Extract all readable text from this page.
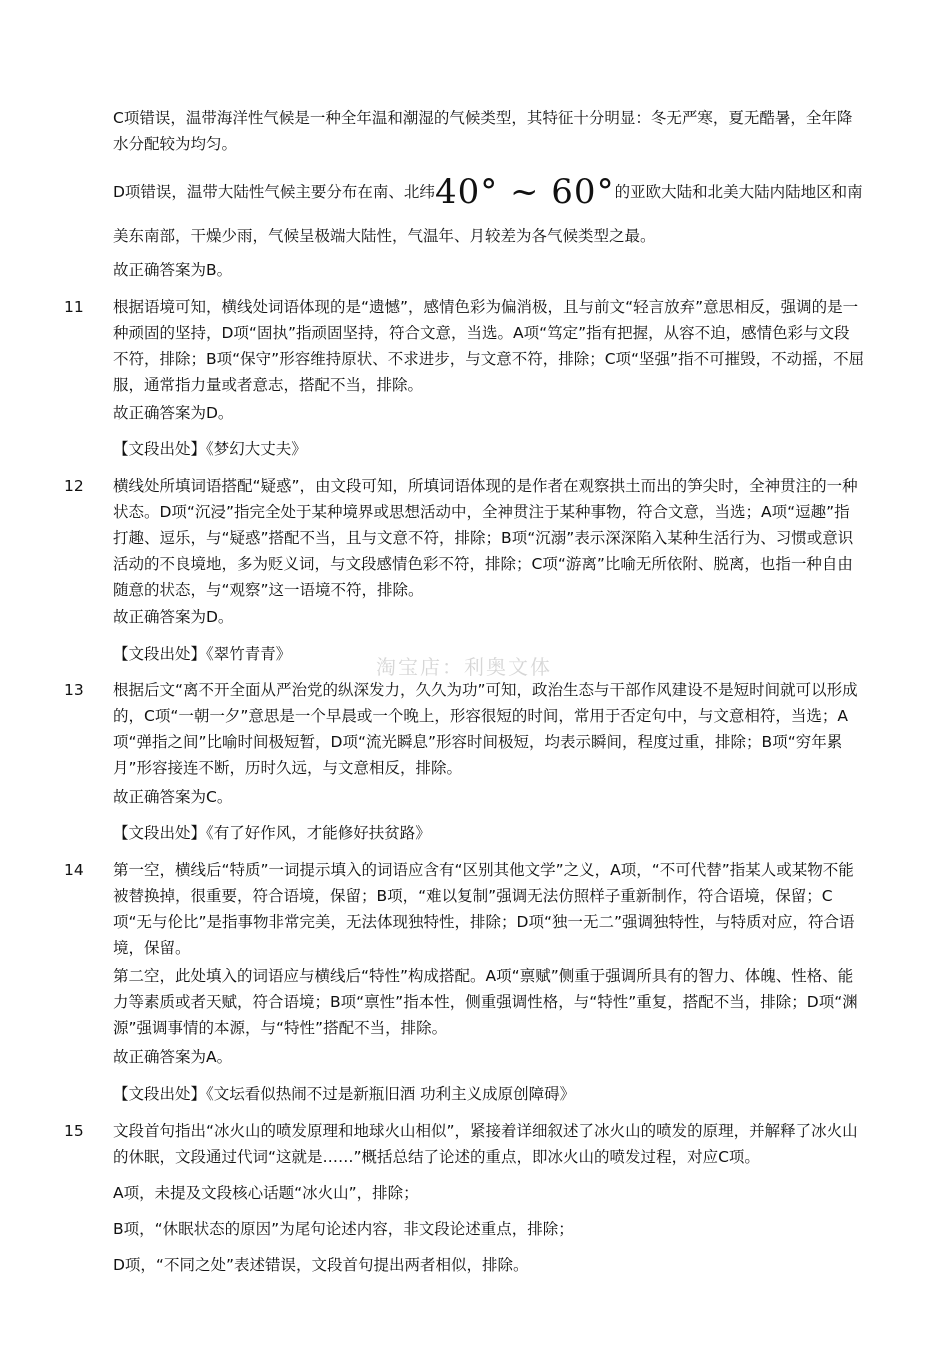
C项错误，温带海洋性气候是一种全年温和潮湿的气候类型，其特征十分明显：冬无严寒，夏无酷暑，全年降水分配较为均匀。

D项错误，温带大陆性气候主要分布在南、北纬40° ~ 60°的亚欧大陆和北美大陆内陆地区和南美东南部，干燥少雨，气候呈极端大陆性，气温年、月较差为各气候类型之最。

故正确答案为B。

11 根据语境可知，横线处词语体现的是“遗憾”，感情色彩为偏消极，且与前文“轻言放弃”意思相反，强调的是一种顽固的坚持，D项“固执”指顽固坚持，符合文意，当选。A项“笃定”指有把握，从容不迫，感情色彩与文段不符，排除；B项“保守”形容维持原状、不求进步，与文意不符，排除；C项“坚强”指不可摧毁，不动摇，不屈服，通常指力量或者意志，搭配不当，排除。

故正确答案为D。

【文段出处】《梦幻大丈夫》

12 横线处所填词语搭配“疑惑”，由文段可知，所填词语体现的是作者在观察拱土而出的笋尖时，全神贯注的一种状态。D项“沉浸”指完全处于某种境界或思想活动中，全神贯注于某种事物，符合文意，当选；A项“逗趣”指打趣、逗乐，与“疑惑”搭配不当，且与文意不符，排除；B项“沉溺”表示深深陷入某种生活行为、习惯或意识活动的不良境地，多为贬义词，与文段感情色彩不符，排除；C项“游离”比喻无所依附、脱离，也指一种自由随意的状态，与“观察”这一语境不符，排除。

故正确答案为D。

【文段出处】《翠竹青青》

淘宝店：利奥文体

13 根据后文“离不开全面从严治党的纵深发力，久久为功”可知，政治生态与干部作风建设不是短时间就可以形成的，C项“一朝一夕”意思是一个早晨或一个晚上，形容很短的时间，常用于否定句中，与文意相符，当选；A项“弹指之间”比喻时间极短暂，D项“流光瞬息”形容时间极短，均表示瞬间，程度过重，排除；B项“穷年累月”形容接连不断，历时久远，与文意相反，排除。

故正确答案为C。

【文段出处】《有了好作风，才能修好扶贫路》

14 第一空，横线后“特质”一词提示填入的词语应含有“区别其他文学”之义，A项，“不可代替”指某人或某物不能被替换掉，很重要，符合语境，保留；B项，“难以复制”强调无法仿照样子重新制作，符合语境，保留；C项“无与伦比”是指事物非常完美，无法体现独特性，排除；D项“独一无二”强调独特性，与特质对应，符合语境，保留。

第二空，此处填入的词语应与横线后“特性”构成搭配。A项“禀赋”侧重于强调所具有的智力、体魄、性格、能力等素质或者天赋，符合语境；B项“禀性”指本性，侧重强调性格，与“特性”重复，搭配不当，排除；D项“渊源”强调事情的本源，与“特性”搭配不当，排除。

故正确答案为A。

【文段出处】《文坛看似热闹不过是新瓶旧酒 功利主义成原创障碍》

15 文段首句指出“冰火山的喷发原理和地球火山相似”，紧接着详细叙述了冰火山的喷发的原理，并解释了冰火山的休眠，文段通过代词“这就是……”概括总结了论述的重点，即冰火山的喷发过程，对应C项。

A项，未提及文段核心话题“冰火山”，排除；

B项，“休眠状态的原因”为尾句论述内容，非文段论述重点，排除；

D项，“不同之处”表述错误，文段首句提出两者相似，排除。
